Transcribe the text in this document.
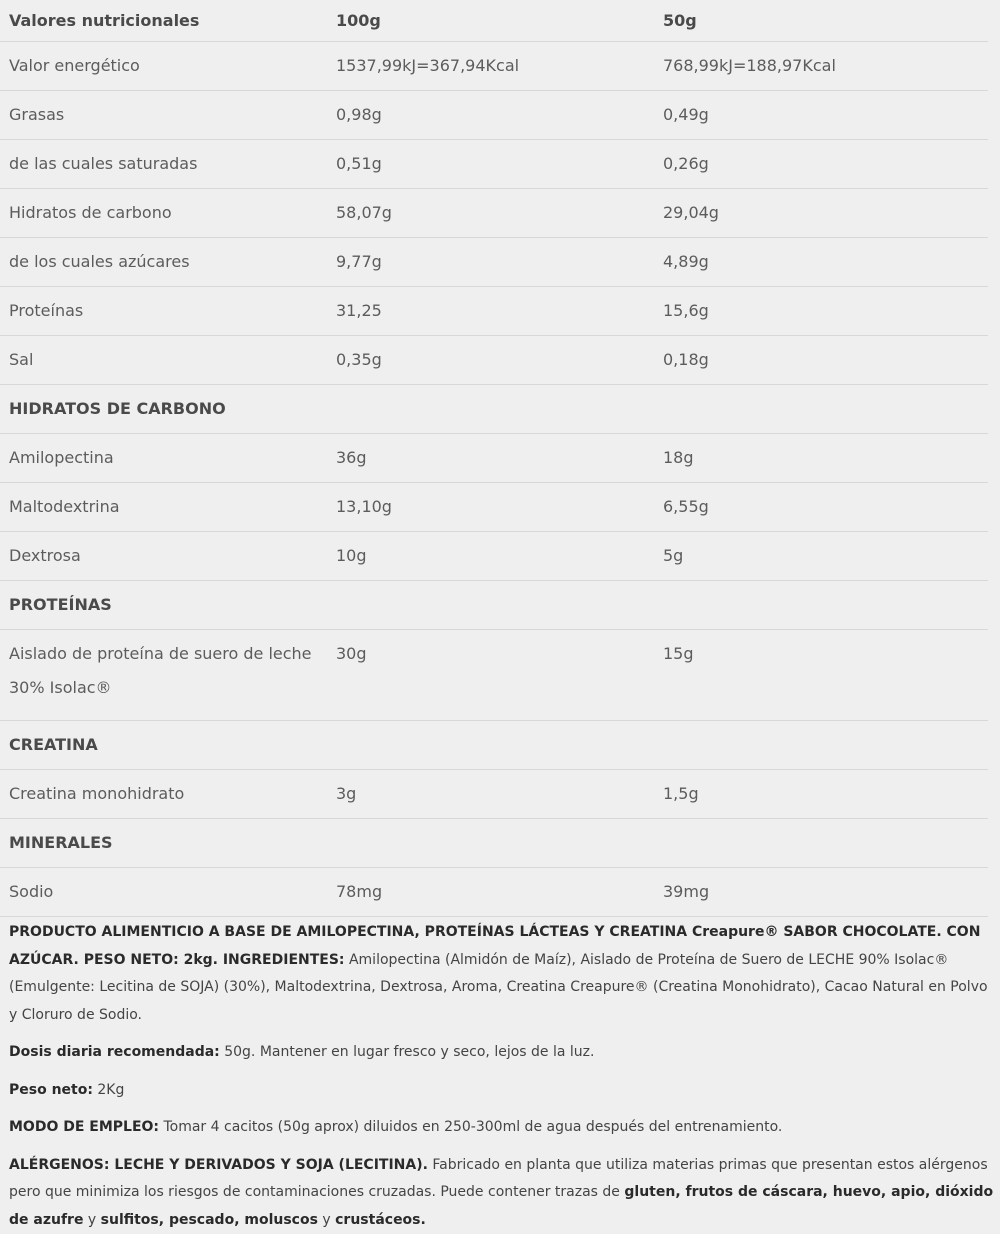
Valores nutricionales	100g	50g
Valor energético	1537,99kJ=367,94Kcal	768,99kJ=188,97Kcal
Grasas	0,98g	0,49g
de las cuales saturadas	0,51g	0,26g
Hidratos de carbono	58,07g	29,04g
de los cuales azúcares	9,77g	4,89g
Proteínas	31,25	15,6g
Sal	0,35g	0,18g
HIDRATOS DE CARBONO		
Amilopectina	36g	18g
Maltodextrina	13,10g	6,55g
Dextrosa	10g	5g
PROTEÍNAS		
Aislado de proteína de suero de leche 30% Isolac®	30g	15g
CREATINA		
Creatina monohidrato	3g	1,5g
MINERALES		
Sodio	78mg	39mg

PRODUCTO ALIMENTICIO A BASE DE AMILOPECTINA, PROTEÍNAS LÁCTEAS Y CREATINA Creapure® SABOR CHOCOLATE. CON AZÚCAR. PESO NETO: 2kg. INGREDIENTES: Amilopectina (Almidón de Maíz), Aislado de Proteína de Suero de LECHE 90% Isolac® (Emulgente: Lecitina de SOJA) (30%), Maltodextrina, Dextrosa, Aroma, Creatina Creapure® (Creatina Monohidrato), Cacao Natural en Polvo y Cloruro de Sodio.

Dosis diaria recomendada: 50g. Mantener en lugar fresco y seco, lejos de la luz.

Peso neto: 2Kg

MODO DE EMPLEO: Tomar 4 cacitos (50g aprox) diluidos en 250-300ml de agua después del entrenamiento.

ALÉRGENOS: LECHE Y DERIVADOS Y SOJA (LECITINA). Fabricado en planta que utiliza materias primas que presentan estos alérgenos pero que minimiza los riesgos de contaminaciones cruzadas. Puede contener trazas de gluten, frutos de cáscara, huevo, apio, dióxido de azufre y sulfitos, pescado, moluscos y crustáceos.
